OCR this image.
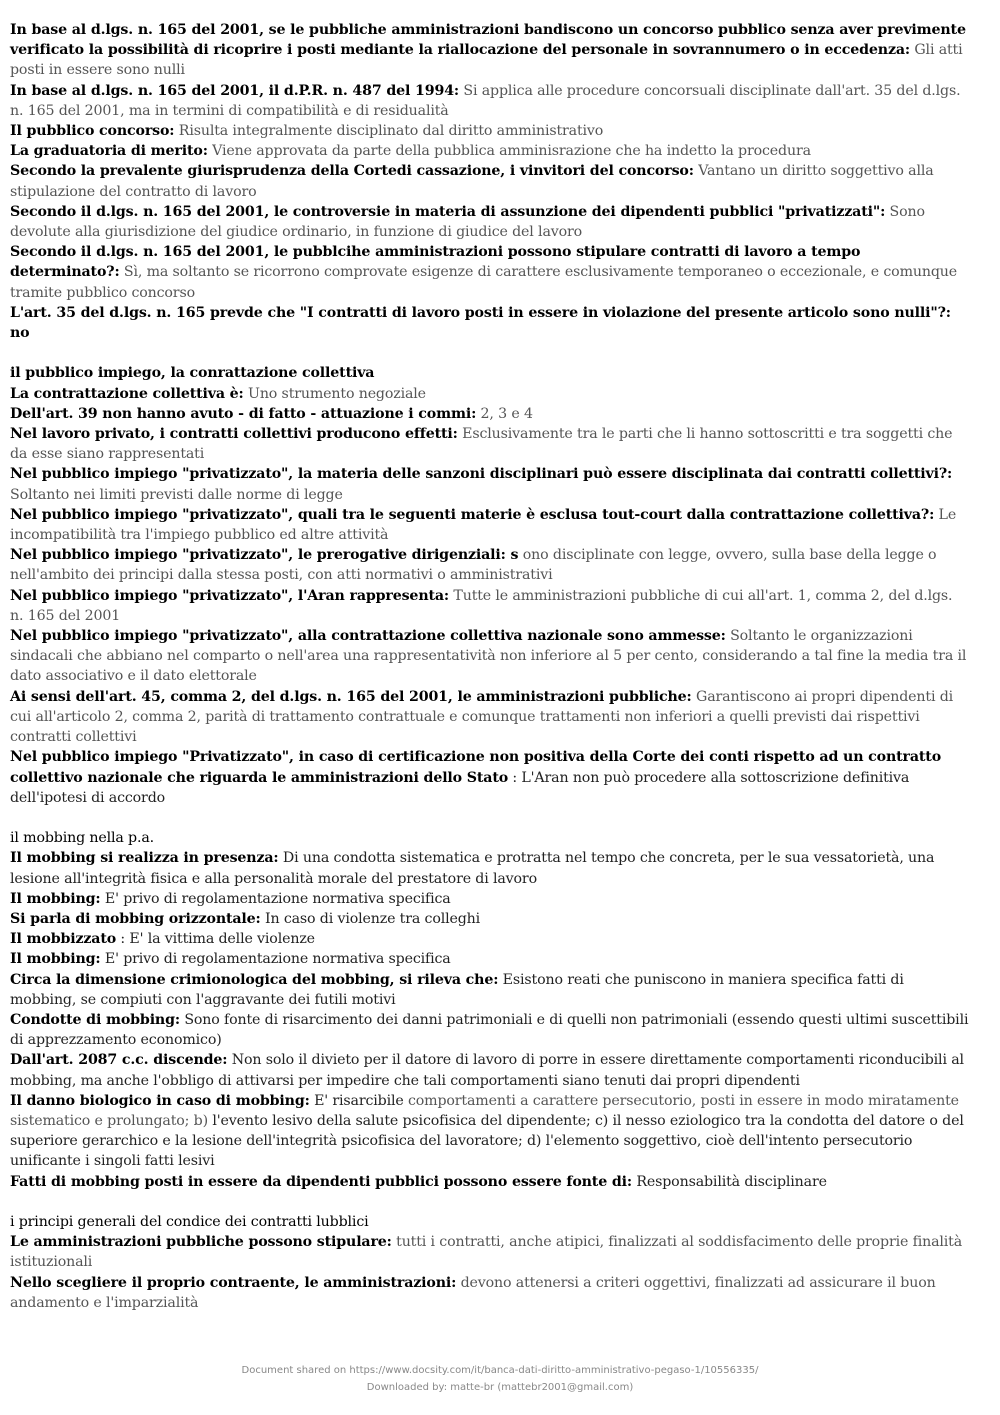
In base al d.lgs. n. 165 del 2001, se le pubbliche amministrazioni bandiscono un concorso pubblico senza aver previmente verificato la possibilità di ricoprire i posti mediante la riallocazione del personale in sovrannumero o in eccedenza: Gli atti posti in essere sono nulli
In base al d.lgs. n. 165 del 2001, il d.P.R. n. 487 del 1994: Si applica alle procedure concorsuali disciplinate dall'art. 35 del d.lgs. n. 165 del 2001, ma in termini di compatibilità e di residualità
Il pubblico concorso: Risulta integralmente disciplinato dal diritto amministrativo
La graduatoria di merito: Viene approvata da parte della pubblica amminisrazione che ha indetto la procedura
Secondo la prevalente giurisprudenza della Cortedi cassazione, i vinvitori del concorso: Vantano un diritto soggettivo alla stipulazione del contratto di lavoro
Secondo il d.lgs. n. 165 del 2001, le controversie in materia di assunzione dei dipendenti pubblici "privatizzati": Sono devolute alla giurisdizione del giudice ordinario, in funzione di giudice del lavoro
Secondo il d.lgs. n. 165 del 2001, le pubblcihe amministrazioni possono stipulare contratti di lavoro a tempo determinato?: Sì, ma soltanto se ricorrono comprovate esigenze di carattere esclusivamente temporaneo o eccezionale, e comunque tramite pubblico concorso
L'art. 35 del d.lgs. n. 165 prevde che "I contratti di lavoro posti in essere in violazione del presente articolo sono nulli"?: no
il pubblico impiego, la conrattazione collettiva
La contrattazione collettiva è: Uno strumento negoziale
Dell'art. 39 non hanno avuto - di fatto - attuazione i commi: 2, 3 e 4
Nel lavoro privato, i contratti collettivi producono effetti: Esclusivamente tra le parti che li hanno sottoscritti e tra soggetti che da esse siano rappresentati
Nel pubblico impiego "privatizzato", la materia delle sanzoni disciplinari può essere disciplinata dai contratti collettivi?: Soltanto nei limiti previsti dalle norme di legge
Nel pubblico impiego "privatizzato", quali tra le seguenti materie è esclusa tout-court dalla contrattazione collettiva?: Le incompatibilità tra l'impiego pubblico ed altre attività
Nel pubblico impiego "privatizzato", le prerogative dirigenziali: s ono disciplinate con legge, ovvero, sulla base della legge o nell'ambito dei principi dalla stessa posti, con atti normativi o amministrativi
Nel pubblico impiego "privatizzato", l'Aran rappresenta: Tutte le amministrazioni pubbliche di cui all'art. 1, comma 2, del d.lgs. n. 165 del 2001
Nel pubblico impiego "privatizzato", alla contrattazione collettiva nazionale sono ammesse: Soltanto le organizzazioni sindacali che abbiano nel comparto o nell'area una rappresentatività non inferiore al 5 per cento, considerando a tal fine la media tra il dato associativo e il dato elettorale
Ai sensi dell'art. 45, comma 2, del d.lgs. n. 165 del 2001, le amministrazioni pubbliche: Garantiscono ai propri dipendenti di cui all'articolo 2, comma 2, parità di trattamento contrattuale e comunque trattamenti non inferiori a quelli previsti dai rispettivi contratti collettivi
Nel pubblico impiego "Privatizzato", in caso di certificazione non positiva della Corte dei conti rispetto ad un contratto collettivo nazionale che riguarda le amministrazioni dello Stato : L'Aran non può procedere alla sottoscrizione definitiva dell'ipotesi di accordo
il mobbing nella p.a.
Il mobbing si realizza in presenza: Di una condotta sistematica e protratta nel tempo che concreta, per le sua vessatorietà, una lesione all'integrità fisica e alla personalità morale del prestatore di lavoro
Il mobbing: E' privo di regolamentazione normativa specifica
Si parla di mobbing orizzontale: In caso di violenze tra colleghi
Il mobbizzato : E' la vittima delle violenze
Il mobbing: E' privo di regolamentazione normativa specifica
Circa la dimensione crimionologica del mobbing, si rileva che: Esistono reati che puniscono in maniera specifica fatti di mobbing, se compiuti con l'aggravante dei futili motivi
Condotte di mobbing: Sono fonte di risarcimento dei danni patrimoniali e di quelli non patrimoniali (essendo questi ultimi suscettibili di apprezzamento economico)
Dall'art. 2087 c.c. discende: Non solo il divieto per il datore di lavoro di porre in essere direttamente comportamenti riconducibili al mobbing, ma anche l'obbligo di attivarsi per impedire che tali comportamenti siano tenuti dai propri dipendenti
Il danno biologico in caso di mobbing: E' risarcibile comportamenti a carattere persecutorio, posti in essere in modo miratamente sistematico e prolungato; b) l'evento lesivo della salute psicofisica del dipendente; c) il nesso eziologico tra la condotta del datore o del superiore gerarchico e la lesione dell'integrità psicofisica del lavoratore; d) l'elemento soggettivo, cioè dell'intento persecutorio unificante i singoli fatti lesivi
Fatti di mobbing posti in essere da dipendenti pubblici possono essere fonte di: Responsabilità disciplinare
i principi generali del condice dei contratti lubblici
Le amministrazioni pubbliche possono stipulare: tutti i contratti, anche atipici, finalizzati al soddisfacimento delle proprie finalità istituzionali
Nello scegliere il proprio contraente, le amministrazioni: devono attenersi a criteri oggettivi, finalizzati ad assicurare il buon andamento e l'imparzialità
Document shared on https://www.docsity.com/it/banca-dati-diritto-amministrativo-pegaso-1/10556335/
Downloaded by: matte-br (mattebr2001@gmail.com)
